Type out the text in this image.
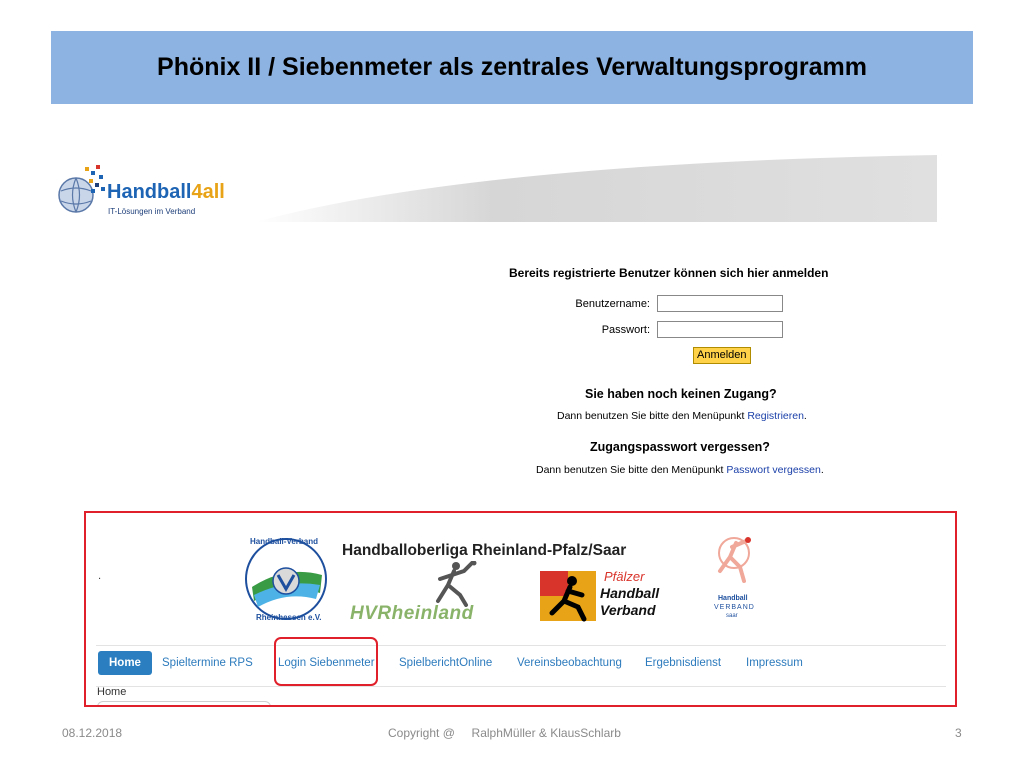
Phönix II / Siebenmeter als zentrales Verwaltungsprogramm
Handball4all
IT-Lösungen im Verband
Bereits registrierte Benutzer können sich hier anmelden
Benutzername:
Passwort:
Anmelden
Sie haben noch keinen Zugang?
Dann benutzen Sie bitte den Menüpunkt Registrieren.
Zugangspasswort vergessen?
Dann benutzen Sie bitte den Menüpunkt Passwort vergessen.
.
Handballoberliga Rheinland-Pfalz/Saar
Handball-Verband
Rheinhessen e.V. HVRheinland
Pfälzer
Handball
Verband
Handball
VERBAND
saar
Home	Spieltermine RPS Login Siebenmeter SpielberichtOnline Vereinsbeobachtung Ergebnisdienst Impressum
Home
08.12.2018	Copyright @     RalphMüller & KlausSchlarb	3
